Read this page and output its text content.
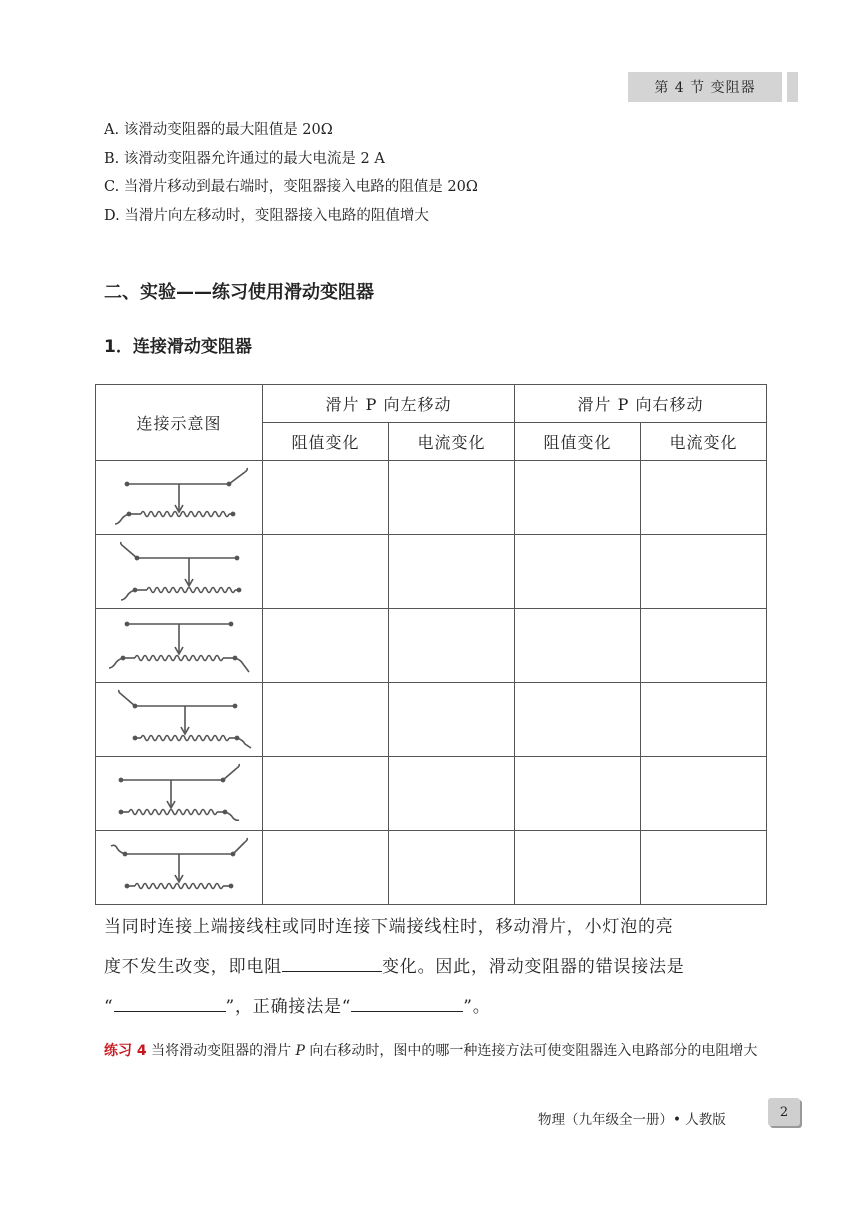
第 4 节 变阻器
A. 该滑动变阻器的最大阻值是 20Ω
B. 该滑动变阻器允许通过的最大电流是 2 A
C. 当滑片移动到最右端时，变阻器接入电路的阻值是 20Ω
D. 当滑片向左移动时，变阻器接入电路的阻值增大
二、实验——练习使用滑动变阻器
1．连接滑动变阻器
连接示意图	滑片 P 向左移动		滑片 P 向右移动	
	阻值变化	电流变化	阻值变化	电流变化

当同时连接上端接线柱或同时连接下端接线柱时，移动滑片，小灯泡的亮
度不发生改变，即电阻	变化。因此，滑动变阻器的错误接法是
“	”，正确接法是“	”。
练习 4 当将滑动变阻器的滑片 P 向右移动时，图中的哪一种连接方法可使变阻器连入电路部分的电阻增大
物理（九年级全一册）• 人教版	2
